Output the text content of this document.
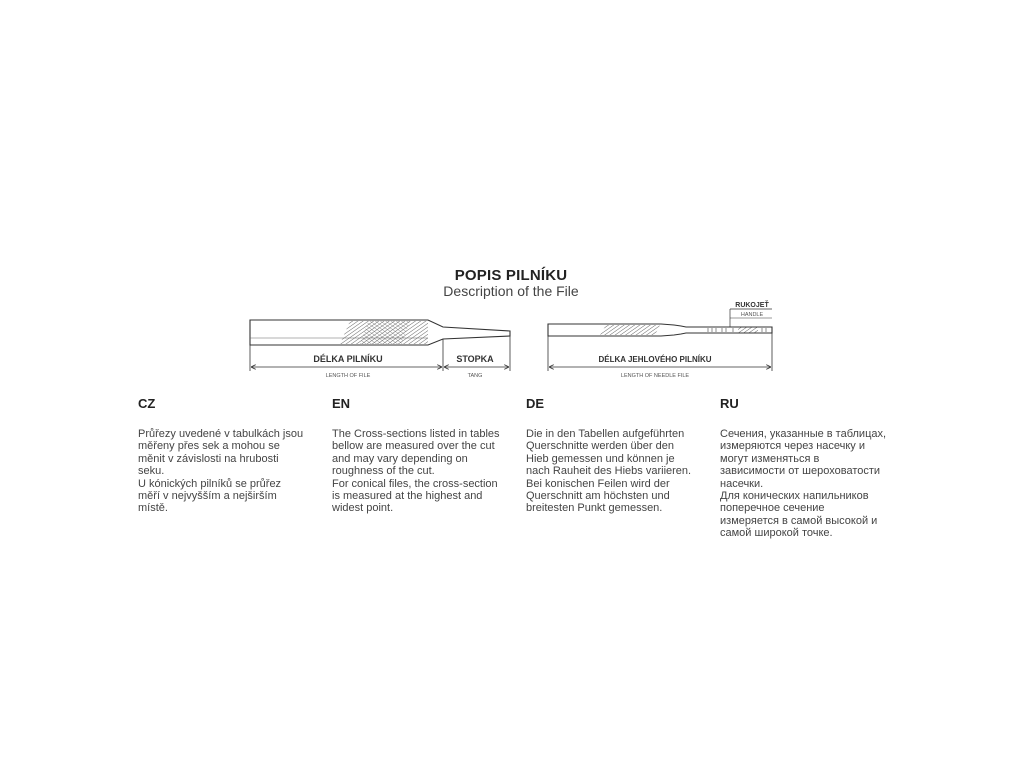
POPIS PILNÍKU
Description of the File
DÉLKA PILNÍKU
LENGTH OF FILE
STOPKA
TANG
RUKOJEŤ
HANDLE
DÉLKA JEHLOVÉHO PILNÍKU
LENGTH OF NEEDLE FILE
CZ
Průřezy uvedené v tabulkách jsou
měřeny přes sek a mohou se
měnit v závislosti na hrubosti
seku.
U kónických pilníků se průřez
měří v nejvyšším a nejširším
místě.
EN
The Cross-sections listed in tables
bellow are measured over the cut
and may vary depending on
roughness of the cut.
For conical files, the cross-section
is measured at the highest and
widest point.
DE
Die in den Tabellen aufgeführten
Querschnitte werden über den
Hieb gemessen und können je
nach Rauheit des Hiebs variieren.
Bei konischen Feilen wird der
Querschnitt am höchsten und
breitesten Punkt gemessen.
RU
Сечения, указанные в таблицах,
измеряются через насечку и
могут изменяться в
зависимости от шероховатости
насечки.
Для конических напильников
поперечное сечение
измеряется в самой высокой и
самой широкой точке.
